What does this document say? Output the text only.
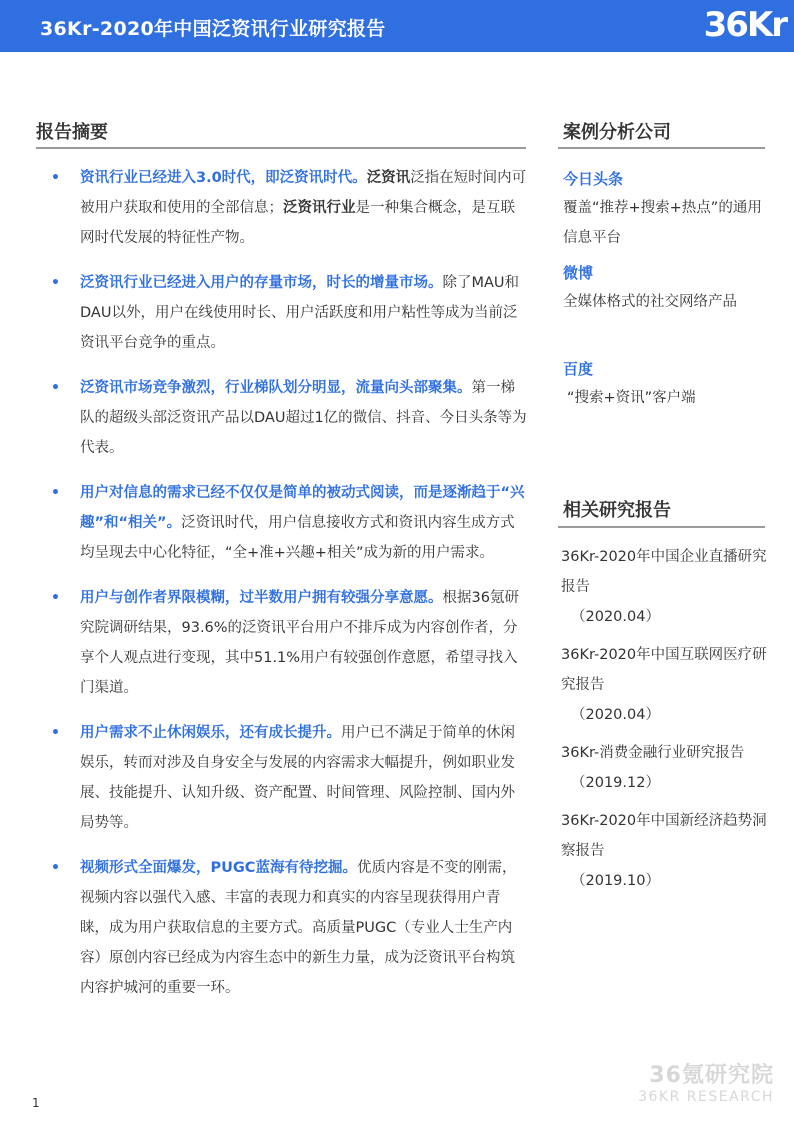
36Kr-2020年中国泛资讯行业研究报告	36Kr
报告摘要
• 资讯行业已经进入3.0时代，即泛资讯时代。泛资讯泛指在短时间内可被用户获取和使用的全部信息；泛资讯行业是一种集合概念，是互联网时代发展的特征性产物。
• 泛资讯行业已经进入用户的存量市场，时长的增量市场。除了MAU和DAU以外，用户在线使用时长、用户活跃度和用户粘性等成为当前泛资讯平台竞争的重点。
• 泛资讯市场竞争激烈，行业梯队划分明显，流量向头部聚集。第一梯队的超级头部泛资讯产品以DAU超过1亿的微信、抖音、今日头条等为代表。
• 用户对信息的需求已经不仅仅是简单的被动式阅读，而是逐渐趋于“兴趣”和“相关”。泛资讯时代，用户信息接收方式和资讯内容生成方式均呈现去中心化特征，“全+准+兴趣+相关”成为新的用户需求。
• 用户与创作者界限模糊，过半数用户拥有较强分享意愿。根据36氪研究院调研结果，93.6%的泛资讯平台用户不排斥成为内容创作者，分享个人观点进行变现，其中51.1%用户有较强创作意愿，希望寻找入门渠道。
• 用户需求不止休闲娱乐，还有成长提升。用户已不满足于简单的休闲娱乐，转而对涉及自身安全与发展的内容需求大幅提升，例如职业发展、技能提升、认知升级、资产配置、时间管理、风险控制、国内外局势等。
• 视频形式全面爆发，PUGC蓝海有待挖掘。优质内容是不变的刚需，视频内容以强代入感、丰富的表现力和真实的内容呈现获得用户青睐，成为用户获取信息的主要方式。高质量PUGC（专业人士生产内容）原创内容已经成为内容生态中的新生力量，成为泛资讯平台构筑内容护城河的重要一环。
案例分析公司
今日头条
覆盖“推荐+搜索+热点”的通用信息平台
微博
全媒体格式的社交网络产品
百度
“搜索+资讯”客户端
相关研究报告
36Kr-2020年中国企业直播研究报告
（2020.04）
36Kr-2020年中国互联网医疗研究报告
（2020.04）
36Kr-消费金融行业研究报告
（2019.12）
36Kr-2020年中国新经济趋势洞察报告
（2019.10）
1
36氪研究院
36KR RESEARCH
